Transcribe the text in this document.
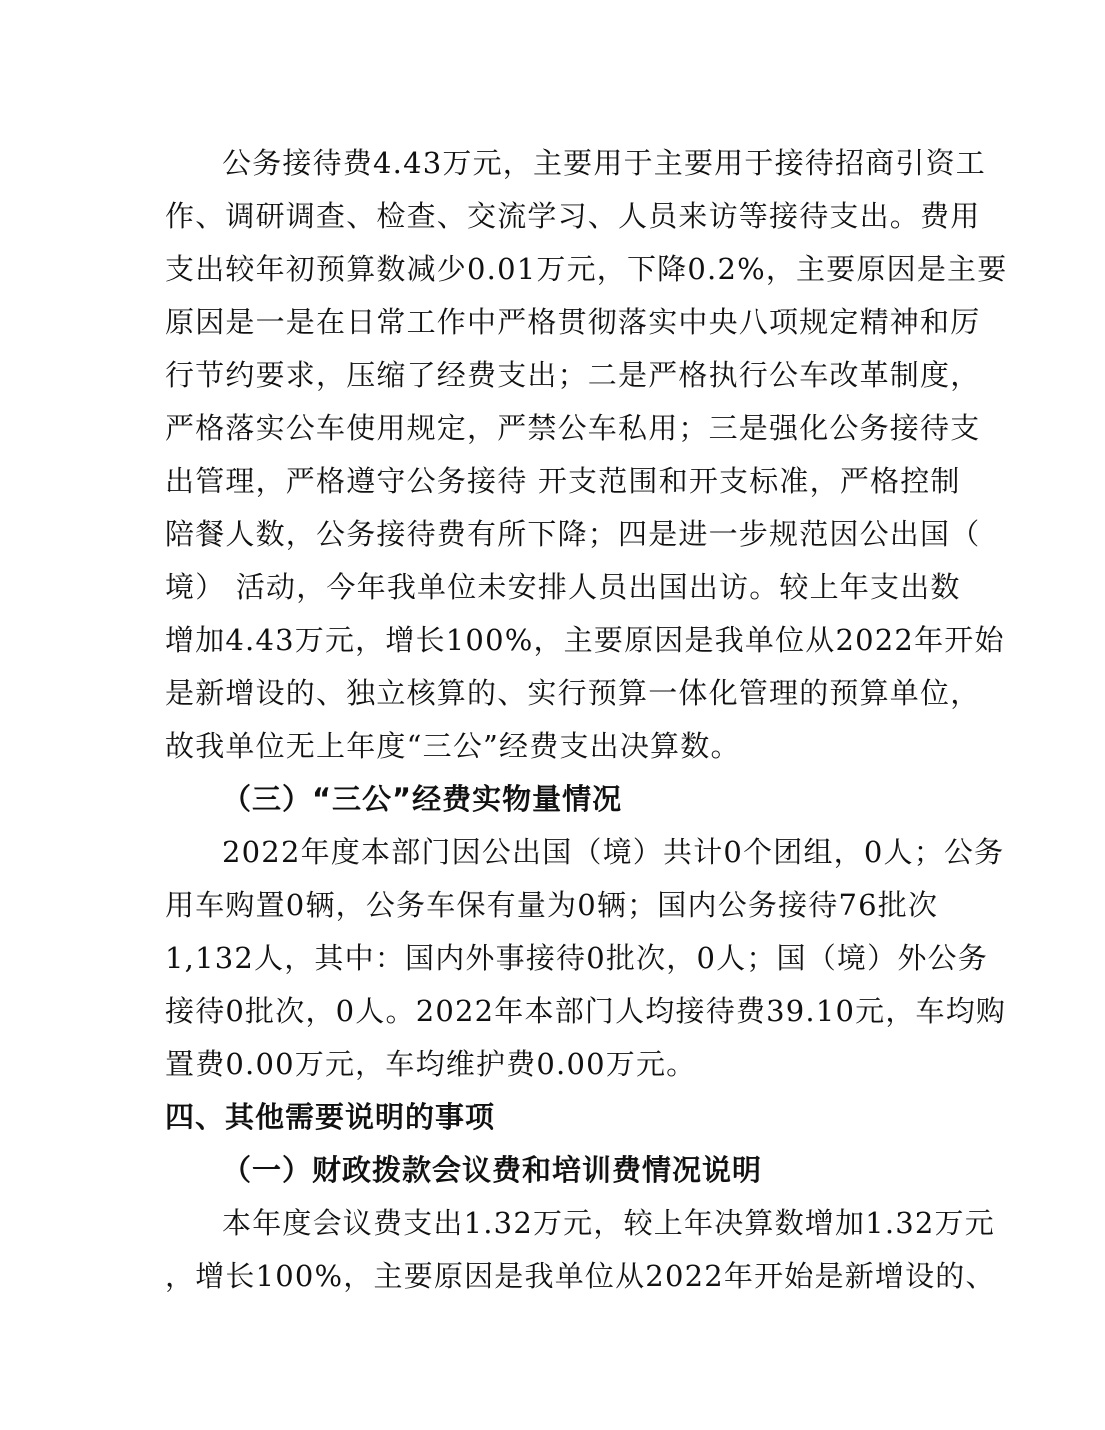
公务接待费4.43万元，主要用于主要用于接待招商引资工
作、调研调查、检查、交流学习、人员来访等接待支出。费用
支出较年初预算数减少0.01万元，下降0.2%，主要原因是主要
原因是一是在日常工作中严格贯彻落实中央八项规定精神和厉
行节约要求，压缩了经费支出；二是严格执行公车改革制度，
严格落实公车使用规定，严禁公车私用；三是强化公务接待支
出管理，严格遵守公务接待 开支范围和开支标准，严格控制
陪餐人数，公务接待费有所下降；四是进一步规范因公出国（
境） 活动，今年我单位未安排人员出国出访。较上年支出数
增加4.43万元，增长100%，主要原因是我单位从2022年开始
是新增设的、独立核算的、实行预算一体化管理的预算单位，
故我单位无上年度“三公”经费支出决算数。
（三）“三公”经费实物量情况
2022年度本部门因公出国（境）共计0个团组，0人；公务
用车购置0辆，公务车保有量为0辆；国内公务接待76批次
1,132人，其中：国内外事接待0批次，0人；国（境）外公务
接待0批次，0人。2022年本部门人均接待费39.10元，车均购
置费0.00万元，车均维护费0.00万元。
四、其他需要说明的事项
（一）财政拨款会议费和培训费情况说明
本年度会议费支出1.32万元，较上年决算数增加1.32万元
，增长100%，主要原因是我单位从2022年开始是新增设的、
